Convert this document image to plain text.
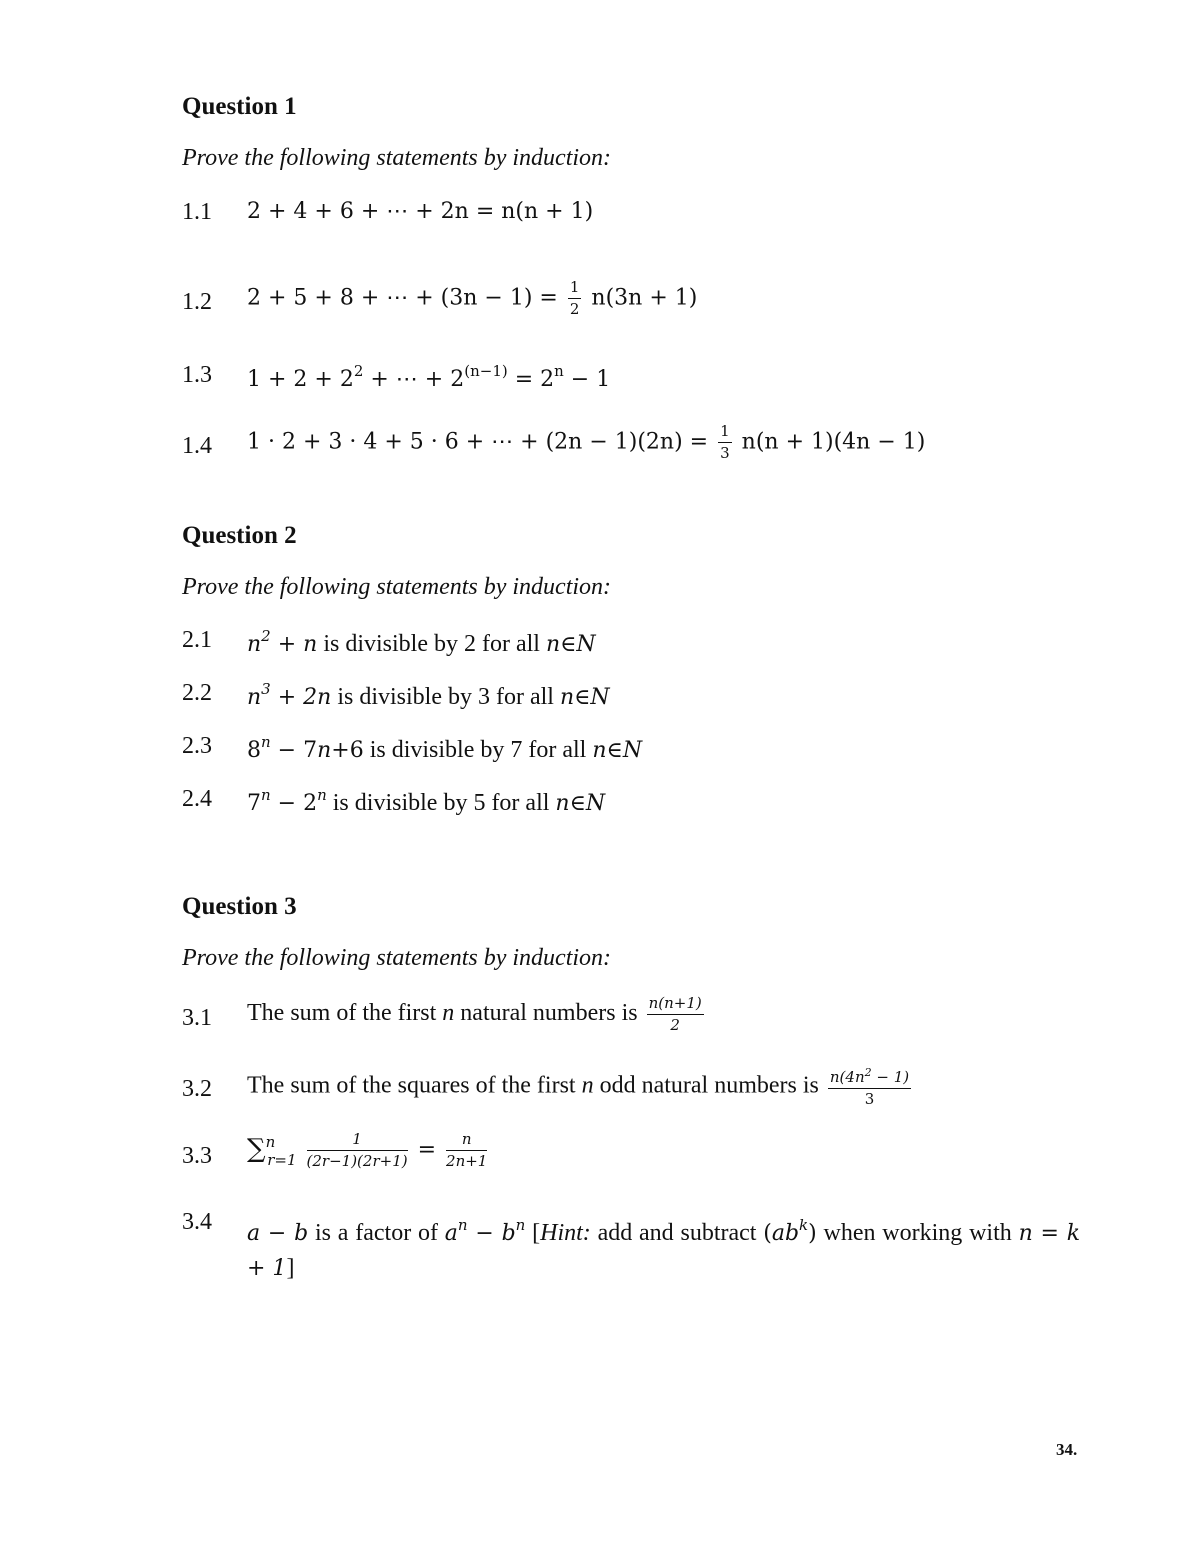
Question 1
Prove the following statements by induction:
1.1 2 + 4 + 6 + ⋯ + 2n = n(n + 1)
1.2 2 + 5 + 8 + ⋯ + $(3n - 1) = \frac{1}{2} n(3n + 1)$
1.3 $1 + 2 + 2^2$ + ⋯ + $2^{(n-1)} = 2^n - 1$
1.4 1 · 2 + 3 · 4 + 5 · 6 + ⋯ + $(2n - 1)(2n) = \frac{1}{3} n(n + 1)(4n - 1)$
Question 2
Prove the following statements by induction:
2.1 $n^2 + n$ is divisible by 2 for all n∈N
2.2 $n^3 + 2n$ is divisible by 3 for all n∈N
2.3 $8^n - 7n+6$ is divisible by 7 for all n∈N
2.4 $7^n - 2^n$ is divisible by 5 for all n∈N
Question 3
Prove the following statements by induction:
3.1 The sum of the first n natural numbers is $\frac{n(n+1)}{2}$
3.2 The sum of the squares of the first n odd natural numbers is $\frac{n(4n^2 - 1)}{3}$
3.3 $\sum^n_{r=1} \frac{1}{(2r-1)(2r+1)} = \frac{n}{2n+1}$
3.4 a − b is a factor of $a^n - b^n$ [Hint: add and subtract $(ab^k)$ when working with n = k + 1]
34.
